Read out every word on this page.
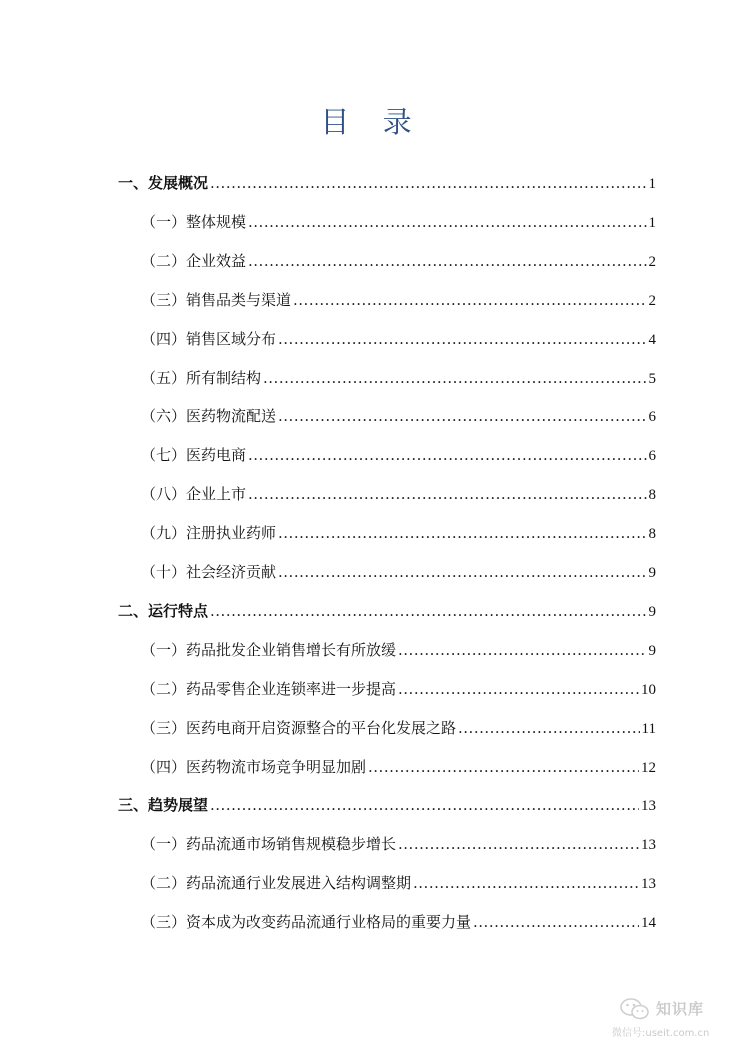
目 录
一、发展概况 .....	1
（一）整体规模 .....	1
（二）企业效益 .....	2
（三）销售品类与渠道 .....	2
（四）销售区域分布 .....	4
（五）所有制结构 .....	5
（六）医药物流配送 .....	6
（七）医药电商 .....	6
（八）企业上市 .....	8
（九）注册执业药师 .....	8
（十）社会经济贡献 .....	9
二、运行特点 .....	9
（一）药品批发企业销售增长有所放缓 .....	9
（二）药品零售企业连锁率进一步提高 .....	10
（三）医药电商开启资源整合的平台化发展之路 .....	11
（四）医药物流市场竞争明显加剧 .....	12
三、趋势展望 .....	13
（一）药品流通市场销售规模稳步增长 .....	13
（二）药品流通行业发展进入结构调整期 .....	13
（三）资本成为改变药品流通行业格局的重要力量 .....	14
知识库
微信号:useit.com.cn
